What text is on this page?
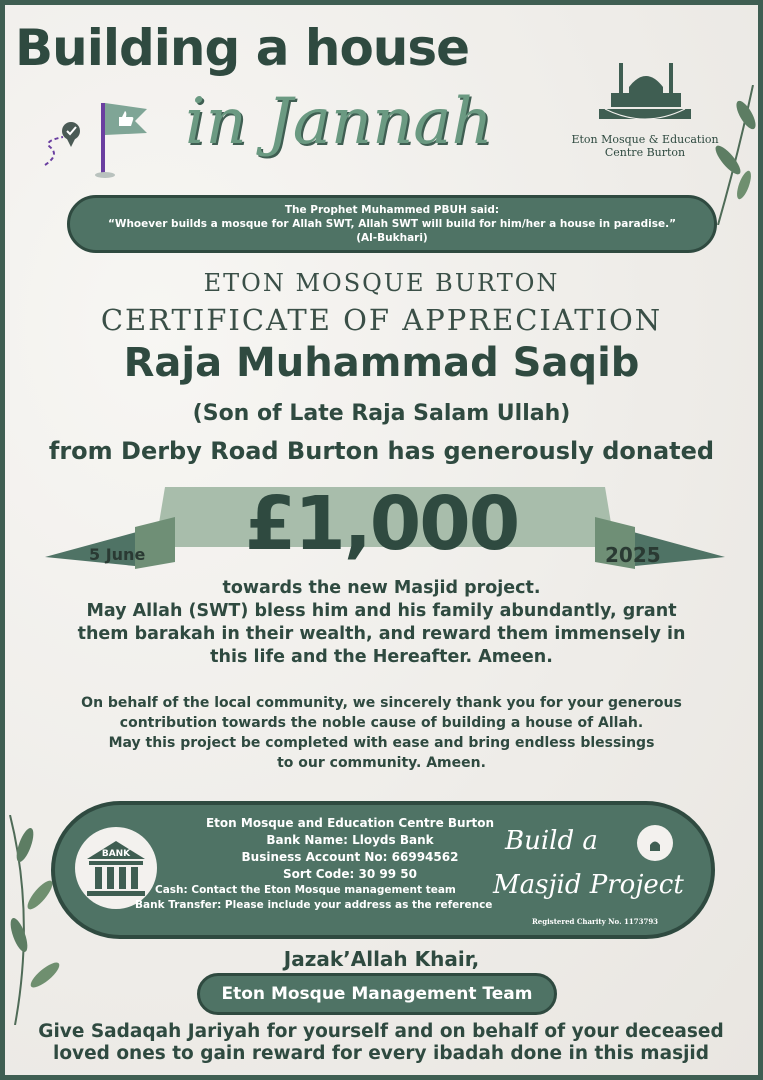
Building a house
in Jannah	Eton Mosque & Education
Centre Burton
The Prophet Muhammed PBUH said:
“Whoever builds a mosque for Allah SWT, Allah SWT will build for him/her a house in paradise.”
(Al-Bukhari)
ETON MOSQUE BURTON
CERTIFICATE OF APPRECIATION
Raja Muhammad Saqib
(Son of Late Raja Salam Ullah)
from Derby Road Burton has generously donated
£1,000
5 June	2025
towards the new Masjid project.
May Allah (SWT) bless him and his family abundantly, grant
them barakah in their wealth, and reward them immensely in
this life and the Hereafter. Ameen.
On behalf of the local community, we sincerely thank you for your generous
contribution towards the noble cause of building a house of Allah.
May this project be completed with ease and bring endless blessings
to our community. Ameen.
BANK
Eton Mosque and Education Centre Burton
Bank Name: Lloyds Bank
Business Account No: 66994562
Sort Code: 30 99 50
Cash: Contact the Eton Mosque management team
Bank Transfer: Please include your address as the reference
Build a
Masjid Project
Registered Charity No. 1173793
Jazak’Allah Khair,
Eton Mosque Management Team
Give Sadaqah Jariyah for yourself and on behalf of your deceased
loved ones to gain reward for every ibadah done in this masjid
